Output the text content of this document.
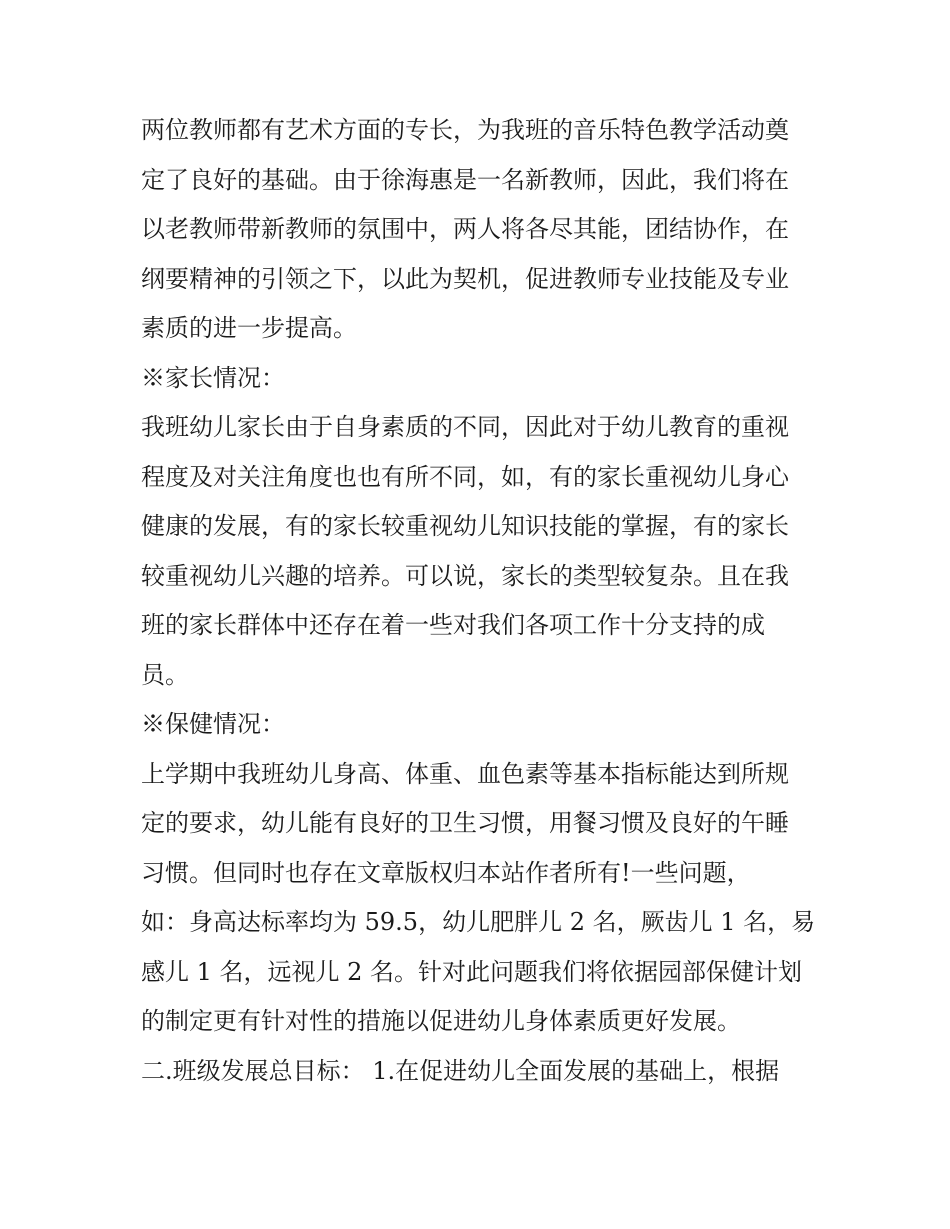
两位教师都有艺术方面的专长，为我班的音乐特色教学活动奠
定了良好的基础。由于徐海惠是一名新教师，因此，我们将在
以老教师带新教师的氛围中，两人将各尽其能，团结协作，在
纲要精神的引领之下，以此为契机，促进教师专业技能及专业
素质的进一步提高。
※家长情况：
我班幼儿家长由于自身素质的不同，因此对于幼儿教育的重视
程度及对关注角度也也有所不同，如，有的家长重视幼儿身心
健康的发展，有的家长较重视幼儿知识技能的掌握，有的家长
较重视幼儿兴趣的培养。可以说，家长的类型较复杂。且在我
班的家长群体中还存在着一些对我们各项工作十分支持的成
员。
※保健情况：
上学期中我班幼儿身高、体重、血色素等基本指标能达到所规
定的要求，幼儿能有良好的卫生习惯，用餐习惯及良好的午睡
习惯。但同时也存在文章版权归本站作者所有!一些问题，
如：身高达标率均为 59.5，幼儿肥胖儿 2 名，厥齿儿 1 名，易
感儿 1 名，远视儿 2 名。针对此问题我们将依据园部保健计划
的制定更有针对性的措施以促进幼儿身体素质更好发展。
二.班级发展总目标： 1.在促进幼儿全面发展的基础上，根据
